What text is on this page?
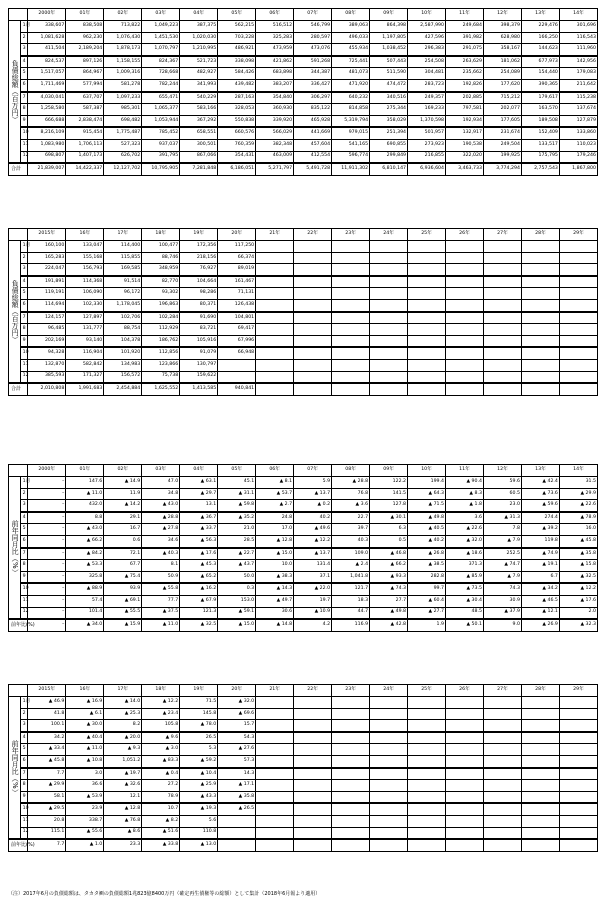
		2000年	01年	02年	03年	04年	05年	06年	07年	08年	09年	10年	11年	12年	13年	14年
負債総額（百万円）	1月	338,607	838,508	713,822	1,049,223	387,375	562,215	516,512	546,799	389,063	864,398	2,587,990	249,684	398,379	229,476	301,696
	2	1,081,628	962,230	1,076,430	1,451,530	1,020,030	703,228	325,283	280,597	496,033	1,197,805	427,596	391,982	628,980	166,250	116,543
	3	411,504	2,189,204	1,878,173	1,070,797	1,210,995	486,921	473,959	473,076	455,934	1,038,452	296,383	291,075	358,167	144,623	111,960
	4	824,537	897,126	1,158,155	824,367	521,723	338,098	421,862	591,268	725,441	507,443	254,508	263,629	181,062	677,973	142,956
	5	1,517,057	864,967	1,009,316	728,668	482,927	584,426	683,898	344,387	481,073	511,590	304,481	235,662	254,089	154,440	179,083
	6	1,711,469	577,994	581,278	782,244	341,993	439,482	383,207	336,427	471,920	474,472	283,723	192,826	177,620	390,365	211,642
	7	4,030,041	637,707	1,097,233	655,471	540,229	287,163	354,840	306,297	640,232	340,516	249,357	202,885	715,212	179,617	115,238
	8	1,258,580	587,387	985,301	1,065,377	583,166	328,053	360,930	835,122	814,858	275,344	169,233	797,581	202,077	163,570	137,674
	9	666,688	2,838,474	698,482	1,053,944	367,292	550,838	339,920	465,928	5,319,794	358,029	1,370,598	192,934	177,605	189,508	127,879
	10	8,216,109	915,454	1,775,487	785,452	658,551	660,576	566,029	441,669	979,015	251,394	501,957	132,917	231,674	152,409	133,860
	11	1,083,980	1,706,113	527,323	937,037	300,501	760,359	382,348	457,604	541,165	690,855	273,923	190,538	249,504	133,517	110,023
	12	698,807	1,407,173	626,702	391,795	867,066	354,431	463,009	412,554	596,774	299,849	216,855	322,020	199,925	175,795	179,246
合計		21,839,007	14,422,337	12,127,702	10,795,905	7,281,848	6,186,051	5,271,797	5,491,728	11,911,302	6,810,147	6,936,604	3,463,733	3,774,294	2,757,543	1,867,800
		2015年	16年	17年	18年	19年	20年	21年	22年	23年	24年	25年	26年	27年	28年	29年
負債総額（百万円）	1月	160,100	133,047	114,400	100,477	172,356	117,250									
	2	165,283	155,168	115,855	88,746	218,156	66,374									
	3	224,047	156,793	169,585	348,959	76,927	89,019									
	4	191,891	114,368	91,514	82,770	104,664	161,467									
	5	119,191	106,090	96,172	93,302	98,286	71,131									
	6	114,694	102,330	1,178,045	196,863	80,371	126,438									
	7	124,157	127,897	102,706	102,284	91,690	104,801									
	8	96,485	131,777	88,754	112,929	83,721	69,417									
	9	202,169	93,140	104,378	186,762	105,916	67,996									
	10	94,328	116,904	101,920	112,856	91,079	66,948									
	11	132,870	582,842	134,983	123,866	130,797										
	12	385,593	171,327	156,572	75,738	159,622										
合計		2,010,808	1,991,683	2,454,884	1,625,552	1,413,585	940,841									
		2000年	01年	02年	03年	04年	05年	06年	07年	08年	09年	10年	11年	12年	13年	14年
前年同月比（%）	1月	–	147.6	▲ 14.9	47.0	▲ 63.1	45.1	▲ 8.1	5.9	▲ 28.8	122.2	199.4	▲ 90.4	59.6	▲ 42.4	31.5
	2	–	▲ 11.0	11.9	34.8	▲ 29.7	▲ 31.1	▲ 53.7	▲ 13.7	76.8	141.5	▲ 64.3	▲ 8.3	60.5	▲ 73.6	▲ 29.9
	3	–	432.0	▲ 14.2	▲ 43.0	13.1	▲ 59.8	▲ 2.7	▲ 0.2	▲ 3.6	127.8	▲ 71.5	▲ 1.8	23.0	▲ 59.6	▲ 22.6
	4	–	8.8	29.1	▲ 28.8	▲ 36.7	▲ 35.2	24.8	40.2	22.7	▲ 30.1	▲ 49.8	3.6	▲ 31.3	274.4	▲ 78.9
	5	–	▲ 43.0	16.7	▲ 27.8	▲ 33.7	21.0	17.0	▲ 49.6	39.7	6.3	▲ 40.5	▲ 22.6	7.8	▲ 39.2	16.0
	6	–	▲ 66.2	0.6	34.6	▲ 56.3	28.5	▲ 12.8	▲ 12.2	40.3	0.5	▲ 40.2	▲ 32.0	▲ 7.9	119.8	▲ 45.8
	7	–	▲ 84.2	72.1	▲ 40.3	▲ 17.6	▲ 22.7	▲ 15.0	▲ 13.7	109.0	▲ 46.8	▲ 26.8	▲ 18.6	252.5	▲ 74.9	▲ 35.8
	8	–	▲ 53.3	67.7	8.1	▲ 45.3	▲ 43.7	10.0	131.4	▲ 2.4	▲ 66.2	▲ 38.5	371.3	▲ 74.7	▲ 19.1	▲ 15.8
	9	–	325.8	▲ 75.4	50.9	▲ 65.2	50.0	▲ 38.3	37.1	1,041.8	▲ 93.3	282.8	▲ 85.9	▲ 7.9	6.7	▲ 32.5
	10	–	▲ 88.9	93.9	▲ 55.8	▲ 16.2	0.3	▲ 14.3	▲ 22.0	121.7	▲ 74.3	99.7	▲ 73.5	74.3	▲ 34.2	▲ 12.2
	11	–	57.4	▲ 69.1	77.7	▲ 67.9	153.0	▲ 49.7	19.7	18.3	27.7	▲ 60.4	▲ 30.4	30.9	▲ 46.5	▲ 17.6
	12	–	101.4	▲ 55.5	▲ 37.5	121.3	▲ 59.1	30.6	▲ 10.9	44.7	▲ 49.8	▲ 27.7	48.5	▲ 37.9	▲ 12.1	2.0
前年比(%)		–	▲ 34.0	▲ 15.9	▲ 11.0	▲ 32.5	▲ 15.0	▲ 14.8	4.2	116.9	▲ 42.8	1.9	▲ 50.1	9.0	▲ 26.9	▲ 32.3
		2015年	16年	17年	18年	19年	20年	21年	22年	23年	24年	25年	26年	27年	28年	29年
前年同月比（%）	1月	▲ 46.9	▲ 16.9	▲ 14.0	▲ 12.2	71.5	▲ 32.0									
	2	41.8	▲ 6.1	▲ 25.3	▲ 23.4	145.8	▲ 69.6									
	3	100.1	▲ 30.0	8.2	105.8	▲ 78.0	15.7									
	4	34.2	▲ 40.4	▲ 20.0	▲ 9.6	26.5	54.3									
	5	▲ 33.4	▲ 11.0	▲ 9.3	▲ 3.0	5.3	▲ 27.6									
	6	▲ 45.8	▲ 10.8	1,051.2	▲ 83.3	▲ 59.2	57.3									
	7	7.7	3.0	▲ 19.7	▲ 0.4	▲ 10.4	14.3									
	8	▲ 29.9	36.6	▲ 32.6	27.2	▲ 25.9	▲ 17.1									
	9	58.1	▲ 53.9	12.1	78.9	▲ 43.3	▲ 35.8									
	10	▲ 29.5	23.9	▲ 12.8	10.7	▲ 19.3	▲ 26.5									
	11	20.8	338.7	▲ 76.8	▲ 8.2	5.6										
	12	115.1	▲ 55.6	▲ 8.6	▲ 51.6	110.8										
前年比(%)		7.7	▲ 1.0	23.3	▲ 33.8	▲ 13.0										
（注）2017年6月の負債総額は、タカタ㈱の負債総額1兆823億8400万円（確定再生債権等の総額）として集計（2018年6月報より適用）
